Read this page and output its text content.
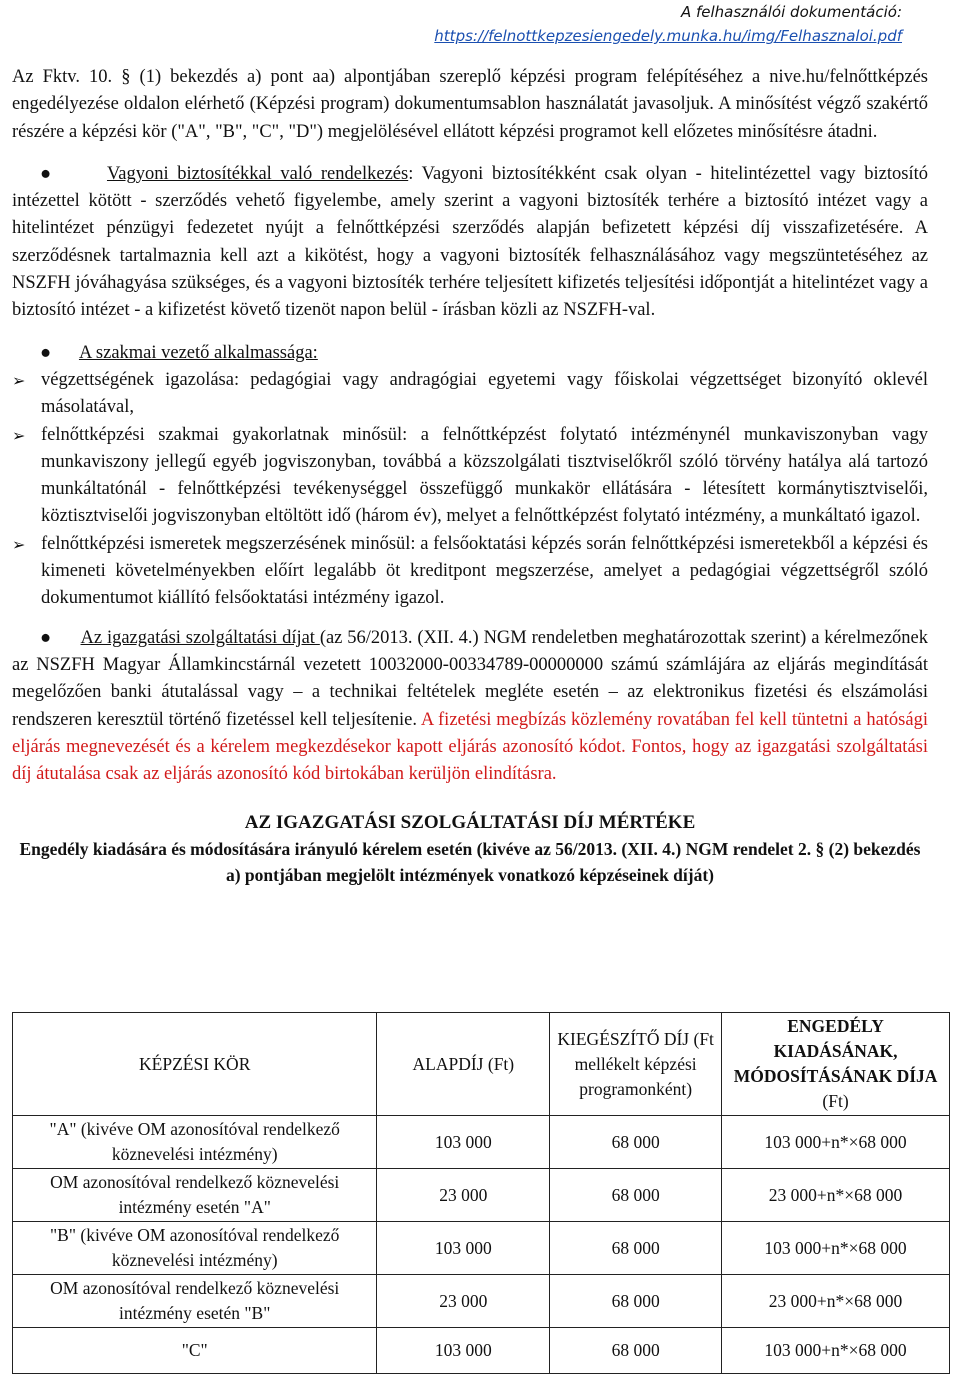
A felhasználói dokumentáció:
https://felnottkepzesiengedely.munka.hu/img/Felhasznaloi.pdf

Az Fktv. 10. § (1) bekezdés a) pont aa) alpontjában szereplő képzési program felépítéséhez a nive.hu/felnőttképzés engedélyezése oldalon elérhető (Képzési program) dokumentumsablon használatát javasoljuk. A minősítést végző szakértő részére a képzési kör ("A", "B", "C", "D") megjelölésével ellátott képzési programot kell előzetes minősítésre átadni.

●	Vagyoni biztosítékkal való rendelkezés: Vagyoni biztosítékként csak olyan - hitelintézettel vagy biztosító intézettel kötött - szerződés vehető figyelembe, amely szerint a vagyoni biztosíték terhére a biztosító intézet vagy a hitelintézet pénzügyi fedezetet nyújt a felnőttképzési szerződés alapján befizetett képzési díj visszafizetésére. A szerződésnek tartalmaznia kell azt a kikötést, hogy a vagyoni biztosíték felhasználásához vagy megszüntetéséhez az NSZFH jóváhagyása szükséges, és a vagyoni biztosíték terhére teljesített kifizetés teljesítési időpontját a hitelintézet vagy a biztosító intézet - a kifizetést követő tizenöt napon belül - írásban közli az NSZFH-val.

● A szakmai vezető alkalmassága:

➢ végzettségének igazolása: pedagógiai vagy andragógiai egyetemi vagy főiskolai végzettséget bizonyító oklevél másolatával,
➢ felnőttképzési szakmai gyakorlatnak minősül: a felnőttképzést folytató intézménynél munkaviszonyban vagy munkaviszony jellegű egyéb jogviszonyban, továbbá a közszolgálati tisztviselőkről szóló törvény hatálya alá tartozó munkáltatónál - felnőttképzési tevékenységgel összefüggő munkakör ellátására - létesített kormánytisztviselői, köztisztviselői jogviszonyban eltöltött idő (három év), melyet a felnőttképzést folytató intézmény, a munkáltató igazol.
➢ felnőttképzési ismeretek megszerzésének minősül: a felsőoktatási képzés során felnőttképzési ismeretekből a képzési és kimeneti követelményekben előírt legalább öt kreditpont megszerzése, amelyet a pedagógiai végzettségről szóló dokumentumot kiállító felsőoktatási intézmény igazol.

● Az igazgatási szolgáltatási díjat (az 56/2013. (XII. 4.) NGM rendeletben meghatározottak szerint) a kérelmezőnek az NSZFH Magyar Államkincstárnál vezetett 10032000-00334789-00000000 számú számlájára az eljárás megindítását megelőzően banki átutalással vagy – a technikai feltételek megléte esetén – az elektronikus fizetési és elszámolási rendszeren keresztül történő fizetéssel kell teljesítenie. A fizetési megbízás közlemény rovatában fel kell tüntetni a hatósági eljárás megnevezését és a kérelem megkezdésekor kapott eljárás azonosító kódot. Fontos, hogy az igazgatási szolgáltatási díj átutalása csak az eljárás azonosító kód birtokában kerüljön elindításra.

AZ IGAZGATÁSI SZOLGÁLTATÁSI DÍJ MÉRTÉKE
Engedély kiadására és módosítására irányuló kérelem esetén (kivéve az 56/2013. (XII. 4.) NGM rendelet 2. § (2) bekezdés a) pontjában megjelölt intézmények vonatkozó képzéseinek díját)
KÉPZÉSI KÖR	ALAPDÍJ (Ft)	KIEGÉSZÍTŐ DÍJ (Ft mellékelt képzési programonként)	ENGEDÉLY KIADÁSÁNAK, MÓDOSÍTÁSÁNAK DÍJA
(Ft)
"A" (kivéve OM azonosítóval rendelkező köznevelési intézmény)	103 000	68 000	103 000+n*×68 000
OM azonosítóval rendelkező köznevelési intézmény esetén "A"	23 000	68 000	23 000+n*×68 000
"B" (kivéve OM azonosítóval rendelkező köznevelési intézmény)	103 000	68 000	103 000+n*×68 000
OM azonosítóval rendelkező köznevelési intézmény esetén "B"	23 000	68 000	23 000+n*×68 000
"C"	103 000	68 000	103 000+n*×68 000
